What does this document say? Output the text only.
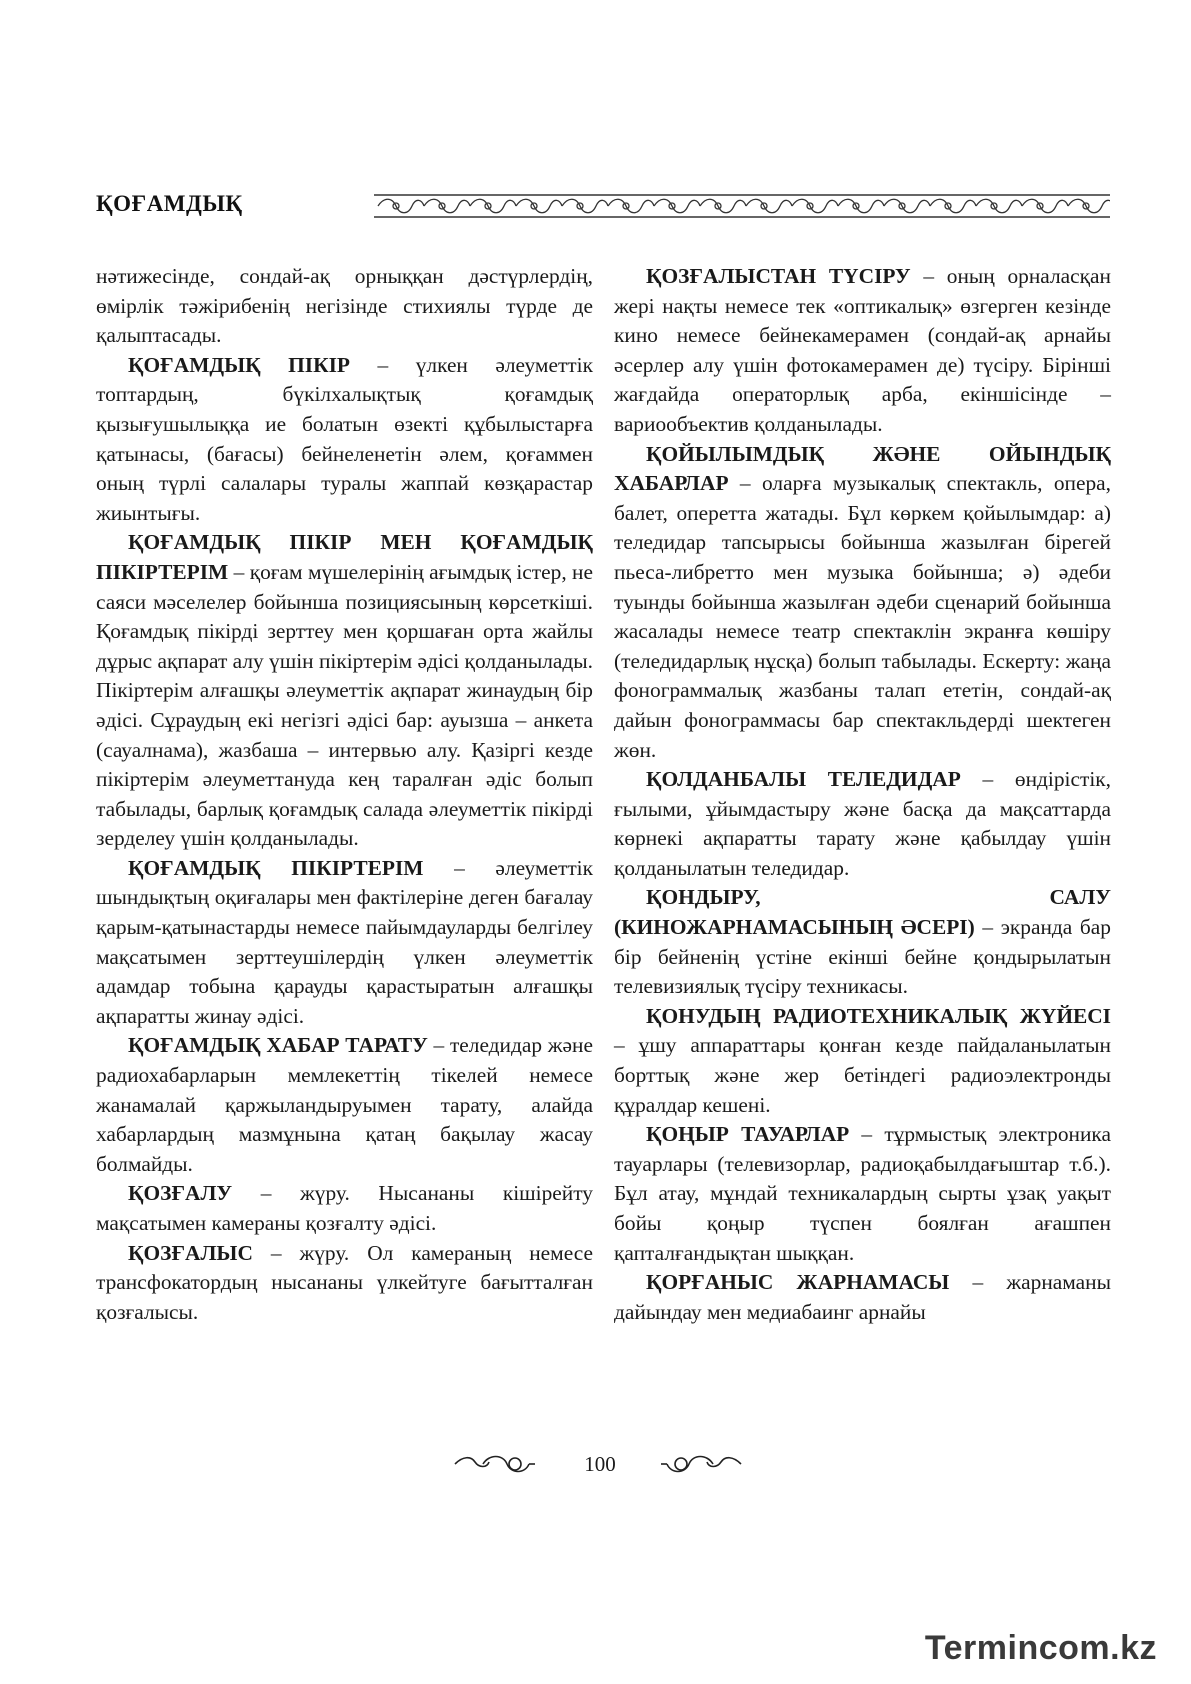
ҚОҒАМДЫҚ

нәтижесінде, сондай-ақ орныққан дәстүрлердің, өмірлік тәжірибенің негізінде стихиялы түрде де қалыптасады.

ҚОҒАМДЫҚ ПІКІР – үлкен әлеуметтік топтардың, бүкілхалықтық қоғамдық қызығушылыққа ие болатын өзекті құбылыстарға қатынасы, (бағасы) бейнеленетін әлем, қоғаммен оның түрлі салалары туралы жаппай көзқарастар жиынтығы.

ҚОҒАМДЫҚ ПІКІР МЕН ҚОҒАМДЫҚ ПІКІРТЕРІМ – қоғам мүшелерінің ағымдық істер, не саяси мәселелер бойынша позициясының көрсеткіші. Қоғамдық пікірді зерттеу мен қоршаған орта жайлы дұрыс ақпарат алу үшін пікіртерім әдісі қолданылады. Пікіртерім алғашқы әлеуметтік ақпарат жинаудың бір әдісі. Сұраудың екі негізгі әдісі бар: ауызша – анкета (сауалнама), жазбаша – интервью алу. Қазіргі кезде пікіртерім әлеуметтануда кең таралған әдіс болып табылады, барлық қоғамдық салада әлеуметтік пікірді зерделеу үшін қолданылады.

ҚОҒАМДЫҚ ПІКІРТЕРІМ – әлеуметтік шындықтың оқиғалары мен фактілеріне деген бағалау қарым-қатынастарды немесе пайымдауларды белгілеу мақсатымен зерттеушілердің үлкен әлеуметтік адамдар тобына қарауды қарастыратын алғашқы ақпаратты жинау әдісі.

ҚОҒАМДЫҚ ХАБАР ТАРАТУ – теледидар және радиохабарларын мемлекеттің тікелей немесе жанамалай қаржыландыруымен тарату, алайда хабарлардың мазмұнына қатаң бақылау жасау болмайды.

ҚОЗҒАЛУ – жүру. Нысананы кішірейту мақсатымен камераны қозғалту әдісі.

ҚОЗҒАЛЫС – жүру. Ол камераның немесе трансфокатордың нысананы үлкейтуге бағытталған қозғалысы.

ҚОЗҒАЛЫСТАН ТҮСІРУ – оның орналасқан жері нақты немесе тек «оптикалық» өзгерген кезінде кино немесе бейнекамерамен (сондай-ақ арнайы әсерлер алу үшін фотокамерамен де) түсіру. Бірінші жағдайда операторлық арба, екіншісінде – вариообъектив қолданылады.

ҚОЙЫЛЫМДЫҚ ЖӘНЕ ОЙЫНДЫҚ ХАБАРЛАР – оларға музыкалық спектакль, опера, балет, оперетта жатады. Бұл көркем қойылымдар: а) теледидар тапсырысы бойынша жазылған бірегей пьеса-либретто мен музыка бойынша; ә) әдеби туынды бойынша жазылған әдеби сценарий бойынша жасалады немесе театр спектаклін экранға көшіру (теледидарлық нұсқа) болып табылады. Ескерту: жаңа фонограммалық жазбаны талап ететін, сондай-ақ дайын фонограммасы бар спектакльдерді шектеген жөн.

ҚОЛДАНБАЛЫ ТЕЛЕДИДАР – өндірістік, ғылыми, ұйымдастыру және басқа да мақсаттарда көрнекі ақпаратты тарату және қабылдау үшін қолданылатын теледидар.

ҚОНДЫРУ, САЛУ (КИНОЖАРНАМАСЫНЫҢ ӘСЕРІ) – экранда бар бір бейненің үстіне екінші бейне қондырылатын телевизиялық түсіру техникасы.

ҚОНУДЫҢ РАДИОТЕХНИКАЛЫҚ ЖҮЙЕСІ – ұшу аппараттары қонған кезде пайдаланылатын борттық және жер бетіндегі радиоэлектронды құралдар кешені.

ҚОҢЫР ТАУАРЛАР – тұрмыстық электроника тауарлары (телевизорлар, радиоқабылдағыштар т.б.). Бұл атау, мұндай техникалардың сырты ұзақ уақыт бойы қоңыр түспен боялған ағашпен қапталғандықтан шыққан.

ҚОРҒАНЫС ЖАРНАМАСЫ – жарнаманы дайындау мен медиабаинг арнайы

100
Termincom.kz
